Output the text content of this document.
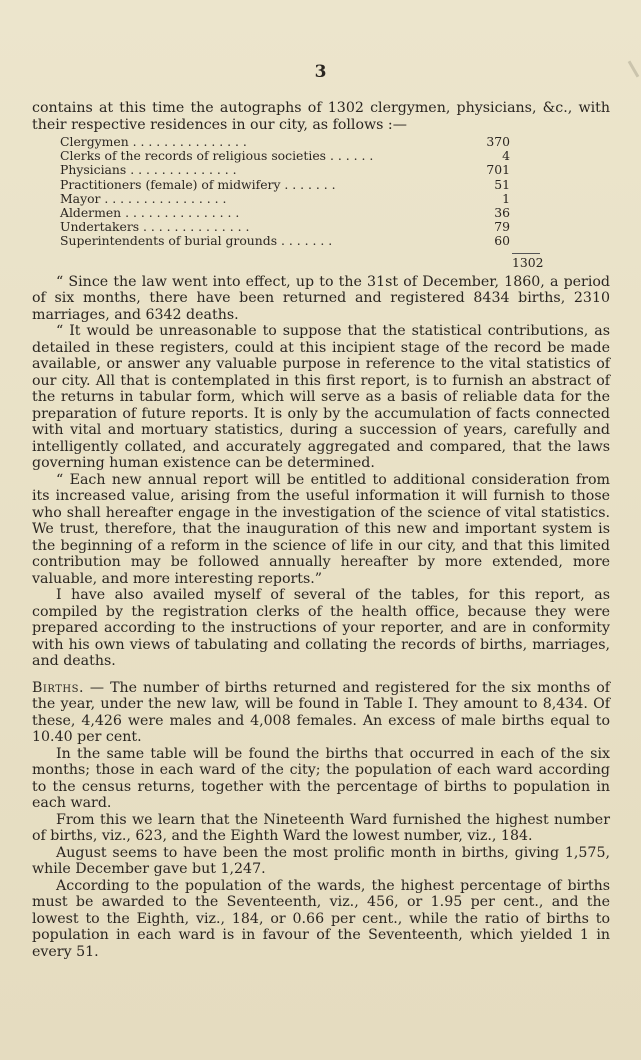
3

contains at this time the autographs of 1302 clergymen, physicians, &c., with their respective residences in our city, as follows :—

Clergymen . . . . . . . . . . . . . . .	370
Clerks of the records of religious societies . . . . . .	4
Physicians . . . . . . . . . . . . . .	701
Practitioners (female) of midwifery . . . . . . .	51
Mayor . . . . . . . . . . . . . . . .	1
Aldermen . . . . . . . . . . . . . . .	36
Undertakers . . . . . . . . . . . . . .	79
Superintendents of burial grounds . . . . . . .	60
1302

“ Since the law went into effect, up to the 31st of December, 1860, a period of six months, there have been returned and registered 8434 births, 2310 marriages, and 6342 deaths.

“ It would be unreasonable to suppose that the statistical contributions, as detailed in these registers, could at this incipient stage of the record be made available, or answer any valuable purpose in reference to the vital statistics of our city. All that is contemplated in this first report, is to furnish an abstract of the returns in tabular form, which will serve as a basis of reliable data for the preparation of future reports. It is only by the accumulation of facts connected with vital and mortuary statistics, during a succession of years, carefully and intelligently collated, and accurately aggregated and compared, that the laws governing human existence can be determined.

“ Each new annual report will be entitled to additional consideration from its increased value, arising from the useful information it will furnish to those who shall hereafter engage in the investigation of the science of vital statistics. We trust, therefore, that the inauguration of this new and important system is the beginning of a reform in the science of life in our city, and that this limited contribution may be followed annually hereafter by more extended, more valuable, and more interesting reports.”

I have also availed myself of several of the tables, for this report, as compiled by the registration clerks of the health office, because they were prepared according to the instructions of your reporter, and are in conformity with his own views of tabulating and collating the records of births, marriages, and deaths.

Births. — The number of births returned and registered for the six months of the year, under the new law, will be found in Table I. They amount to 8,434. Of these, 4,426 were males and 4,008 females. An excess of male births equal to 10.40 per cent.

In the same table will be found the births that occurred in each of the six months; those in each ward of the city; the population of each ward according to the census returns, together with the percentage of births to population in each ward.

From this we learn that the Nineteenth Ward furnished the highest number of births, viz., 623, and the Eighth Ward the lowest number, viz., 184.

August seems to have been the most prolific month in births, giving 1,575, while December gave but 1,247.

According to the population of the wards, the highest percentage of births must be awarded to the Seventeenth, viz., 456, or 1.95 per cent., and the lowest to the Eighth, viz., 184, or 0.66 per cent., while the ratio of births to population in each ward is in favour of the Seventeenth, which yielded 1 in every 51.
